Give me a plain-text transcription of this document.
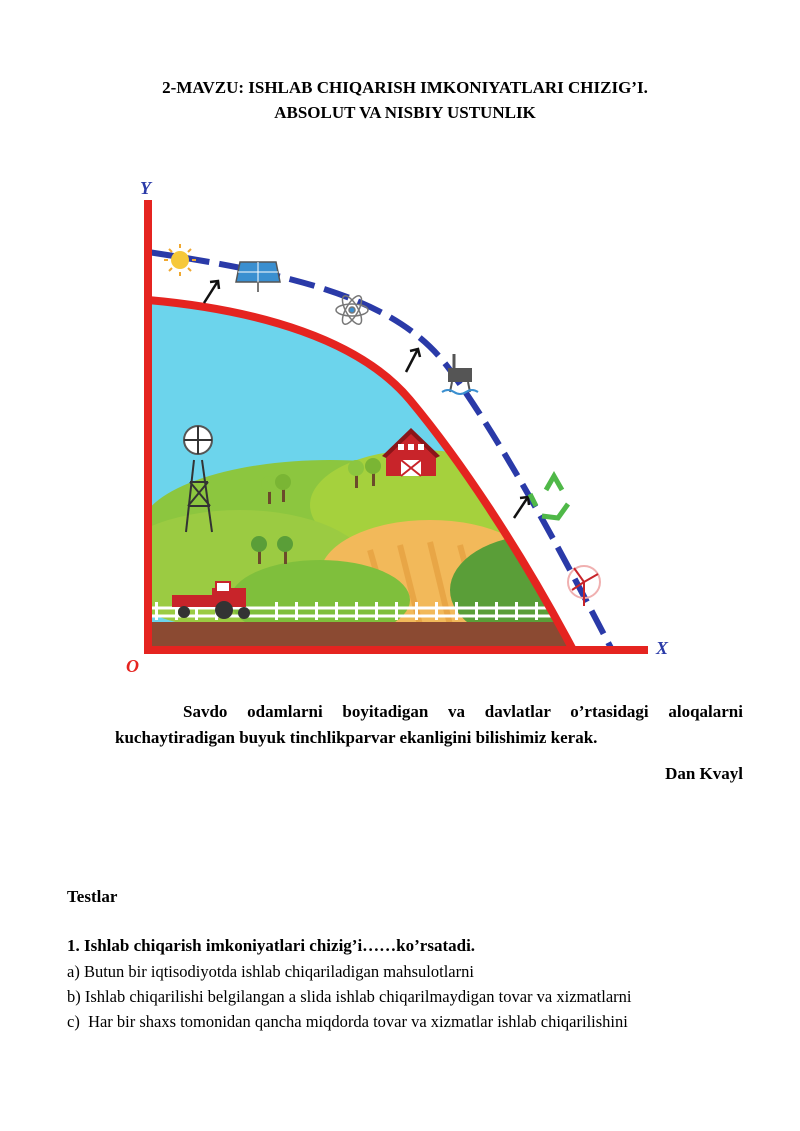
2-MAVZU: ISHLAB CHIQARISH IMKONIYATLARI CHIZIG’I.
ABSOLUT VA NISBIY USTUNLIK
Y
X
O
Savdo odamlarni boyitadigan va davlatlar o’rtasidagi aloqalarni
kuchaytiradigan buyuk tinchlikparvar ekanligini bilishimiz kerak.
Dan Kvayl
Testlar
1. Ishlab chiqarish imkoniyatlari chizig’i……ko’rsatadi.
a) Butun bir iqtisodiyotda ishlab chiqariladigan mahsulotlarni
b) Ishlab chiqarilishi belgilangan a slida ishlab chiqarilmaydigan tovar va xizmatlarni
c)  Har bir shaxs tomonidan qancha miqdorda tovar va xizmatlar ishlab chiqarilishini
